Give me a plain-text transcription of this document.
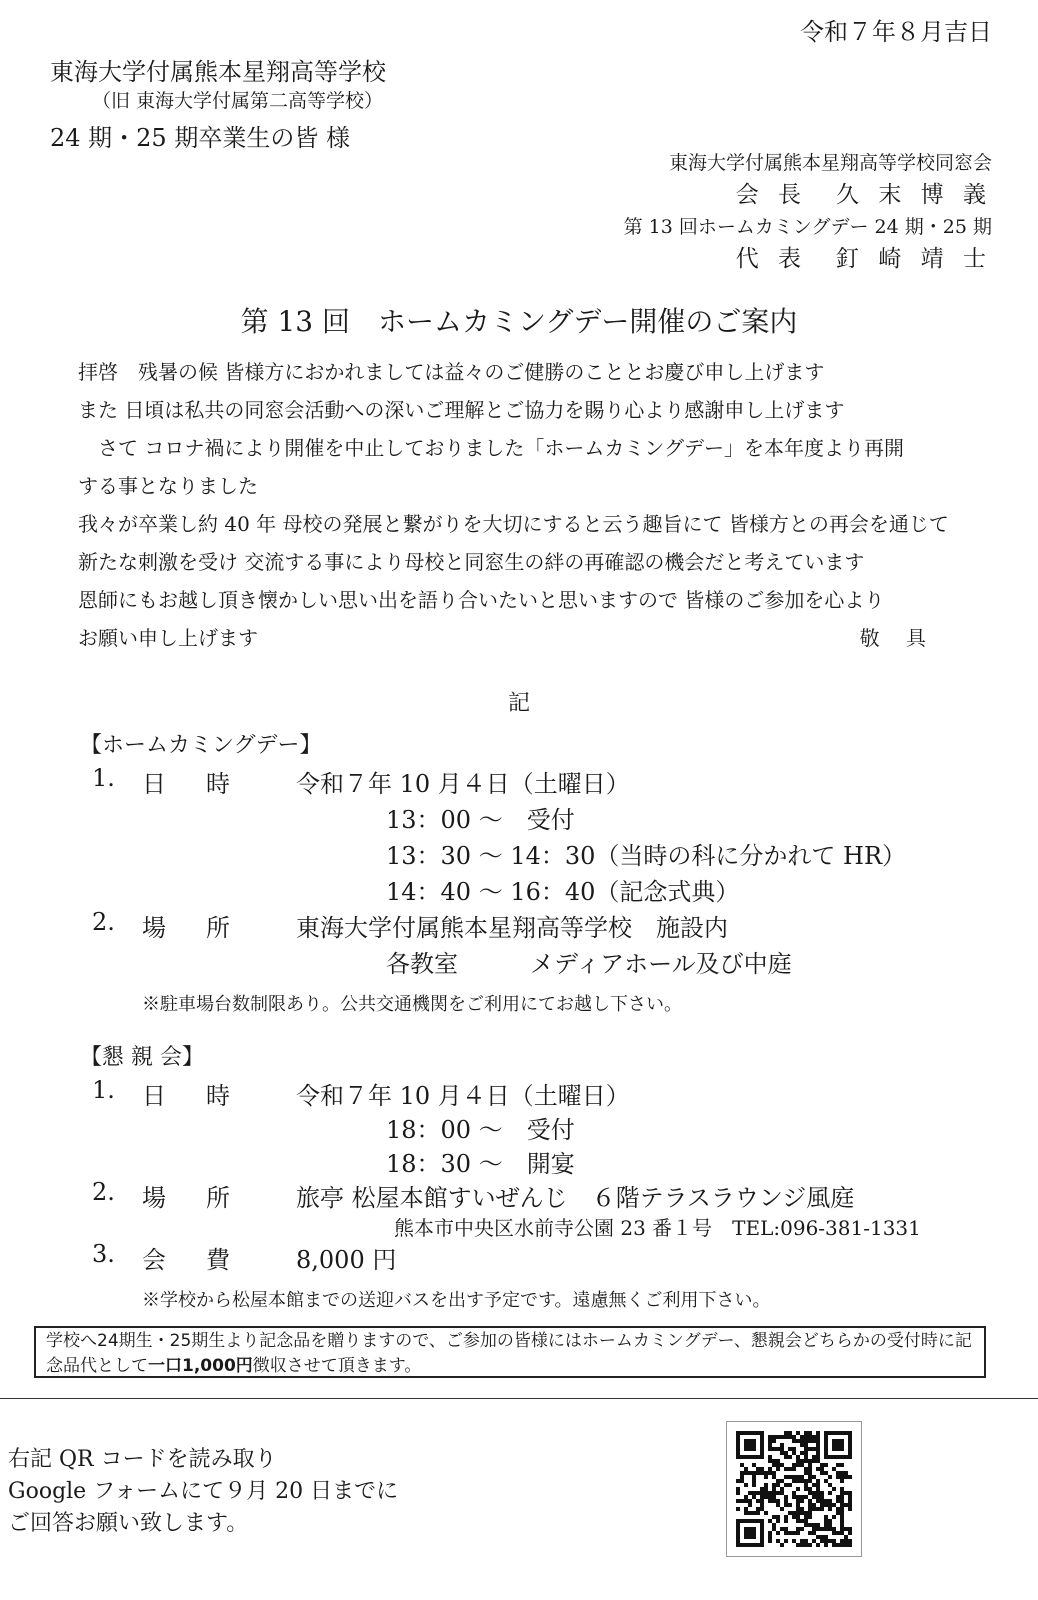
令和７年８月吉日
東海大学付属熊本星翔高等学校
（旧 東海大学付属第二高等学校）
24 期・25 期卒業生の皆 様
東海大学付属熊本星翔高等学校同窓会
会 長　久 末 博 義
第 13 回ホームカミングデー 24 期・25 期
代 表　釘 崎 靖 士
第 13 回　ホームカミングデー開催のご案内
拝啓　残暑の候 皆様方におかれましては益々のご健勝のこととお慶び申し上げます
また 日頃は私共の同窓会活動への深いご理解とご協力を賜り心より感謝申し上げます
　さて コロナ禍により開催を中止しておりました「ホームカミングデー」を本年度より再開
する事となりました
我々が卒業し約 40 年 母校の発展と繋がりを大切にすると云う趣旨にて 皆様方との再会を通じて
新たな刺激を受け 交流する事により母校と同窓生の絆の再確認の機会だと考えています
恩師にもお越し頂き懐かしい思い出を語り合いたいと思いますので 皆様のご参加を心より
お願い申し上げます	敬 具
記
【ホームカミングデー】
1. 日時 令和７年 10 月４日（土曜日）
13：00 ～　受付
13：30 ～ 14：30（当時の科に分かれて HR）
14：40 ～ 16：40（記念式典）
2. 場所 東海大学付属熊本星翔高等学校　施設内
各教室　　　メディアホール及び中庭
※駐車場台数制限あり。公共交通機関をご利用にてお越し下さい。
【懇 親 会】
1. 日時 令和７年 10 月４日（土曜日）
18：00 ～　受付
18：30 ～　開宴
2. 場所 旅亭 松屋本館すいぜんじ　６階テラスラウンジ風庭
熊本市中央区水前寺公園 23 番１号　TEL:096-381-1331
3. 会費 8,000 円
※学校から松屋本館までの送迎バスを出す予定です。遠慮無くご利用下さい。
学校へ24期生・25期生より記念品を贈りますので、ご参加の皆様にはホームカミングデー、懇親会どちらかの受付時に記念品代として一口1,000円徴収させて頂きます。
右記 QR コードを読み取り
Google フォームにて９月 20 日までに
ご回答お願い致します。
